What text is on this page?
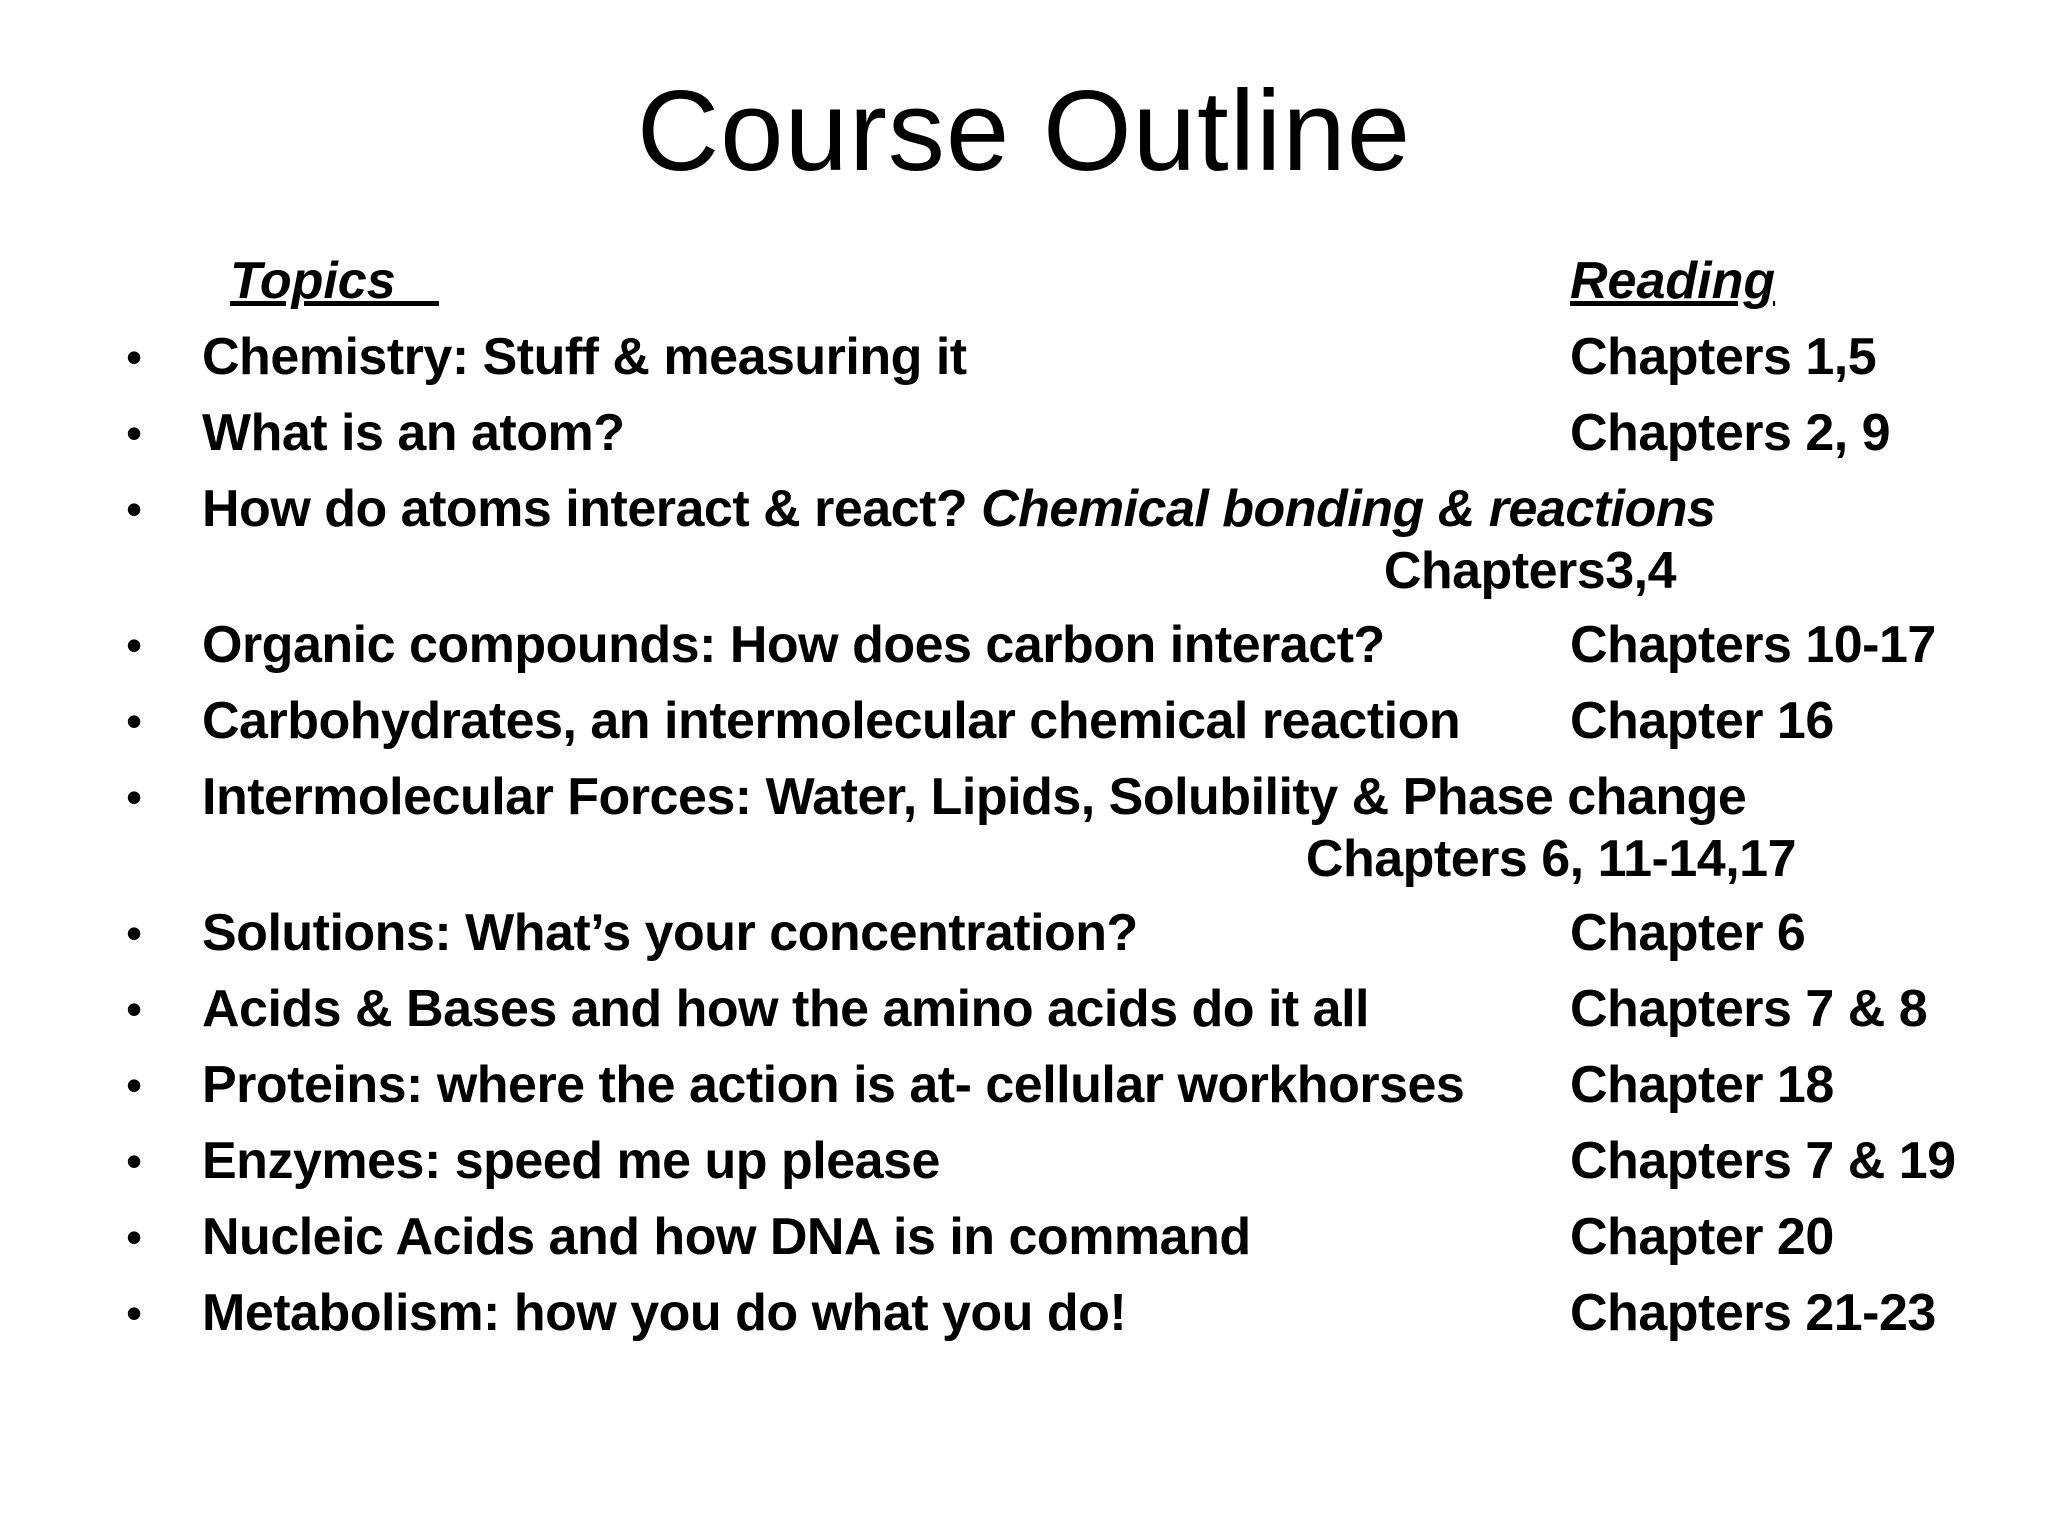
Course Outline
Topics	Reading
• Chemistry: Stuff & measuring it	Chapters 1,5
• What is an atom?	Chapters 2, 9
• How do atoms interact & react? Chemical bonding & reactions
Chapters3,4
• Organic compounds: How does carbon interact?	Chapters 10-17
• Carbohydrates, an intermolecular chemical reaction Chapter 16
• Intermolecular Forces: Water, Lipids, Solubility & Phase change
Chapters 6, 11-14,17
• Solutions: What’s your concentration?	Chapter 6
• Acids & Bases and how the amino acids do it all	Chapters 7 & 8
• Proteins: where the action is at- cellular workhorses Chapter 18
• Enzymes: speed me up please	Chapters 7 & 19
• Nucleic Acids and how DNA is in command	Chapter 20
• Metabolism: how you do what you do!	Chapters 21-23
